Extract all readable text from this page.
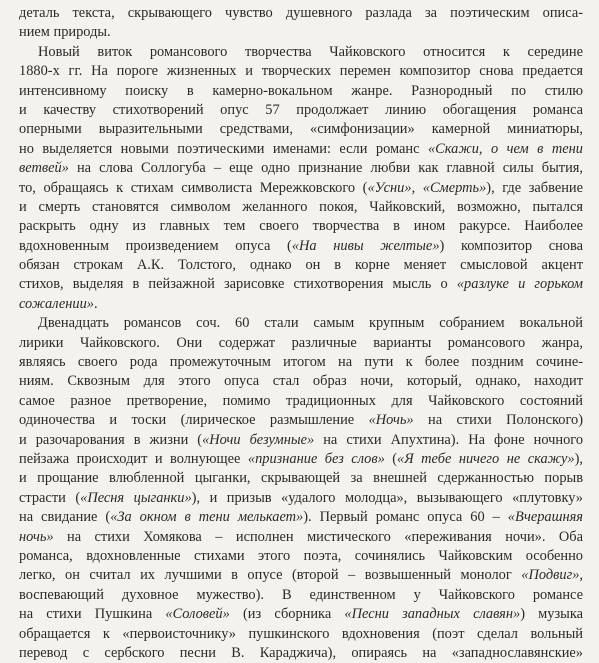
деталь текста, скрывающего чувство душевного разлада за поэтическим описа-
нием природы.
Новый виток романсового творчества Чайковского относится к середине
1880-х гг. На пороге жизненных и творческих перемен композитор снова предается
интенсивному поиску в камерно-вокальном жанре. Разнородный по стилю
и качеству стихотворений опус 57 продолжает линию обогащения романса
оперными выразительными средствами, «симфонизации» камерной миниатюры,
но выделяется новыми поэтическими именами: если романс «Скажи, о чем в тени
ветвей» на слова Соллогуба – еще одно признание любви как главной силы бытия,
то, обращаясь к стихам символиста Мережковского («Усни», «Смерть»), где забвение
и смерть становятся символом желанного покоя, Чайковский, возможно, пытался
раскрыть одну из главных тем своего творчества в ином ракурсе. Наиболее
вдохновенным произведением опуса («На нивы желтые») композитор снова
обязан строкам А.К. Толстого, однако он в корне меняет смысловой акцент
стихов, выделяя в пейзажной зарисовке стихотворения мысль о «разлуке и горьком
сожалении».
Двенадцать романсов соч. 60 стали самым крупным собранием вокальной
лирики Чайковского. Они содержат различные варианты романсового жанра,
являясь своего рода промежуточным итогом на пути к более поздним сочине-
ниям. Сквозным для этого опуса стал образ ночи, который, однако, находит
самое разное претворение, помимо традиционных для Чайковского состояний
одиночества и тоски (лирическое размышление «Ночь» на стихи Полонского)
и разочарования в жизни («Ночи безумные» на стихи Апухтина). На фоне ночного
пейзажа происходит и волнующее «признание без слов» («Я тебе ничего не скажу»),
и прощание влюбленной цыганки, скрывающей за внешней сдержанностью порыв
страсти («Песня цыганки»), и призыв «удалого молодца», вызывающего «плутовку»
на свидание («За окном в тени мелькает»). Первый романс опуса 60 – «Вчерашняя
ночь» на стихи Хомякова – исполнен мистического «переживания ночи». Оба
романса, вдохновленные стихами этого поэта, сочинялись Чайковским особенно
легко, он считал их лучшими в опусе (второй – возвышенный монолог «Подвиг»,
воспевающий духовное мужество). В единственном у Чайковского романсе
на стихи Пушкина «Соловей» (из сборника «Песни западных славян») музыка
обращается к «первоисточнику» пушкинского вдохновения (поэт сделал вольный
перевод с сербского песни В. Караджича), опираясь на «западнославянские»
